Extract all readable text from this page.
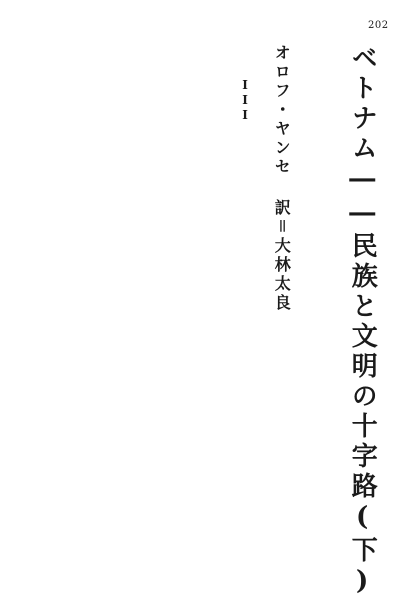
202
ベトナム――民族と文明の十字路(下)
オロフ・ヤンセ 訳＝大林太良
III
